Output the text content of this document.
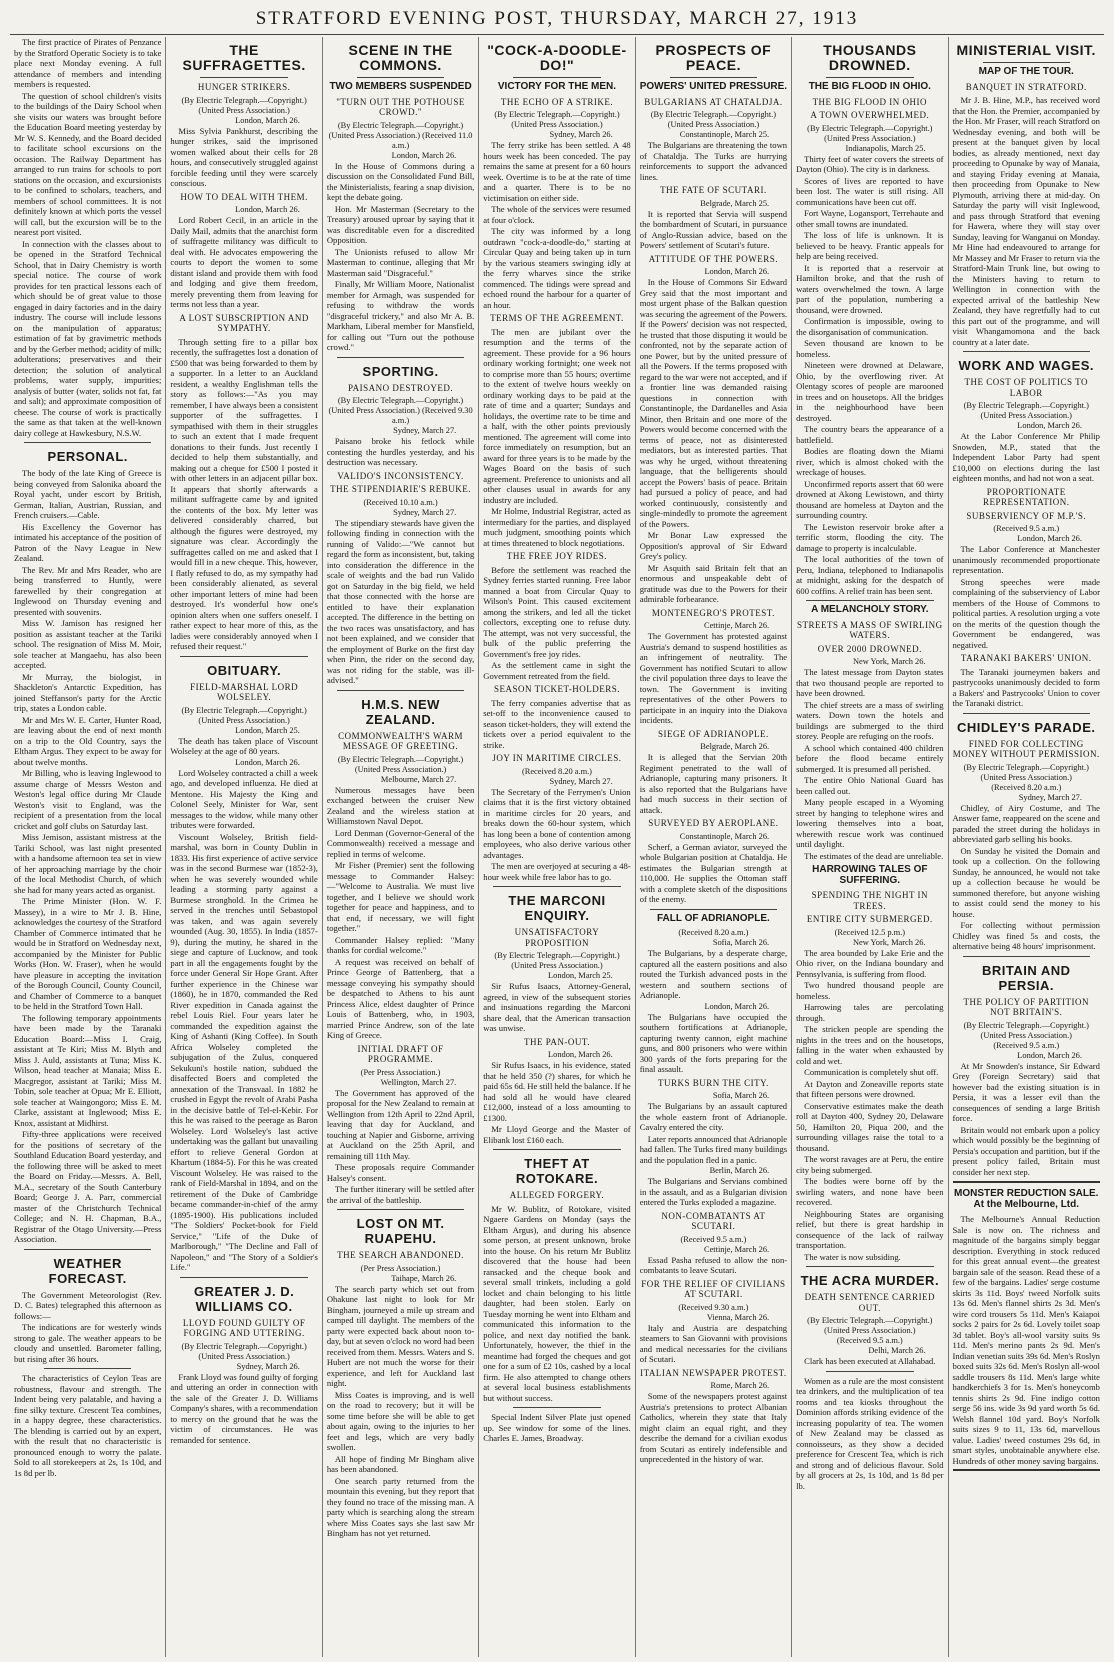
STRATFORD EVENING POST, THURSDAY, MARCH 27, 1913

The first practice of Pirates of Penzance by the Stratford Operatic Society is to take place next Monday evening. A full attendance of members and intending members is requested.

The question of school children's visits to the buildings of the Dairy School when she visits our waters was brought before the Education Board meeting yesterday by Mr W. S. Kennedy, and the Board decided to facilitate school excursions on the occasion. The Railway Department has arranged to run trains for schools to port stations on the occasion, and excursionists to be confined to scholars, teachers, and members of school committees. It is not definitely known at which ports the vessel will call, but the excursion will be to the nearest port visited.

In connection with the classes about to be opened in the Stratford Technical School, that in Dairy Chemistry is worth special notice. The course of work provides for ten practical lessons each of which should be of great value to those engaged in dairy factories and in the dairy industry. The course will include lessons on the manipulation of apparatus; estimation of fat by gravimetric methods and by the Gerber method; acidity of milk; adulterations; preservatives and their detection; the solution of analytical problems, water supply, impurities; analysis of butter (water, solids not fat, fat and salt); and approximate composition of cheese. The course of work is practically the same as that taken at the well-known dairy college at Hawkesbury, N.S.W.

PERSONAL.

The body of the late King of Greece is being conveyed from Salonika aboard the Royal yacht, under escort by British, German, Italian, Austrian, Russian, and French cruisers.—Cable.

His Excellency the Governor has intimated his acceptance of the position of Patron of the Navy League in New Zealand.

The Rev. Mr and Mrs Reader, who are being transferred to Huntly, were farewelled by their congregation at Inglewood on Thursday evening and presented with souvenirs.

Miss W. Jamison has resigned her position as assistant teacher at the Tariki school. The resignation of Miss M. Moir, sole teacher at Mangaehu, has also been accepted.

Mr Murray, the biologist, in Shackleton's Antarctic Expedition, has joined Steffanson's party for the Arctic trip, states a London cable.

Mr and Mrs W. E. Carter, Hunter Road, are leaving about the end of next month on a trip to the Old Country, says the Eltham Argus. They expect to be away for about twelve months.

Mr Billing, who is leaving Inglewood to assume charge of Messrs Weston and Weston's legal office during Mr Claude Weston's visit to England, was the recipient of a presentation from the local cricket and golf clubs on Saturday last.

Miss Jemison, assistant mistress at the Tariki School, was last night presented with a handsome afternoon tea set in view of her approaching marriage by the choir of the local Methodist Church, of which she had for many years acted as organist.

The Prime Minister (Hon. W. F. Massey), in a wire to Mr J. B. Hine, acknowledges the courtesy of the Stratford Chamber of Commerce intimated that he would be in Stratford on Wednesday next, accompanied by the Minister for Public Works (Hon. W. Fraser), when he would have pleasure in accepting the invitation of the Borough Council, County Council, and Chamber of Commerce to a banquet to be held in the Stratford Town Hall.

The following temporary appointments have been made by the Taranaki Education Board:—Miss I. Craig, assistant at Te Kiri; Miss M. Blyth and Miss J. Auld, assistants at Tuna; Miss K. Wilson, head teacher at Manaia; Miss E. Macgregor, assistant at Tariki; Miss M. Tobin, sole teacher at Opua; Mr E. Elliott, sole teacher at Waingongoro; Miss E. M. Clarke, assistant at Inglewood; Miss E. Knox, assistant at Midhirst.

Fifty-three applications were received for the positions of secretary of the Southland Education Board yesterday, and the following three will be asked to meet the Board on Friday.—Messrs. A. Bell, M.A., secretary of the South Canterbury Board; George J. A. Parr, commercial master of the Christchurch Technical College; and N. H. Chapman, B.A., Registrar of the Otago University.—Press Association.

WEATHER FORECAST.

The Government Meteorologist (Rev. D. C. Bates) telegraphed this afternoon as follows:—

The indications are for westerly winds strong to gale. The weather appears to be cloudy and unsettled. Barometer falling, but rising after 36 hours.

The characteristics of Ceylon Teas are robustness, flavour and strength. The Indent being very palatable, and having a fine silky texture. Crescent Tea combines, in a happy degree, these characteristics. The blending is carried out by an expert, with the result that no characteristic is pronounced enough to worry the palate. Sold to all storekeepers at 2s, 1s 10d, and 1s 8d per lb.

THE SUFFRAGETTES.
HUNGER STRIKERS.
(By Electric Telegraph.—Copyright.) (United Press Association.)
London, March 26.

Miss Sylvia Pankhurst, describing the hunger strikes, said the imprisoned women walked about their cells for 28 hours, and consecutively struggled against forcible feeding until they were scarcely conscious.

HOW TO DEAL WITH THEM.
London, March 26.

Lord Robert Cecil, in an article in the Daily Mail, admits that the anarchist form of suffragette militancy was difficult to deal with. He advocates empowering the courts to deport the women to some distant island and provide them with food and lodging and give them freedom, merely preventing them from leaving for terms not less than a year.

A LOST SUBSCRIPTION AND SYMPATHY.

Through setting fire to a pillar box recently, the suffragettes lost a donation of £500 that was being forwarded to them by a supporter. In a letter to an Auckland resident, a wealthy Englishman tells the story as follows:—"As you may remember, I have always been a consistent supporter of the suffragettes. I sympathised with them in their struggles to such an extent that I made frequent donations to their funds. Just recently I decided to help them substantially, and making out a cheque for £500 I posted it with other letters in an adjacent pillar box. It appears that shortly afterwards a militant suffragette came by and ignited the contents of the box. My letter was delivered considerably charred, but although the figures were destroyed, my signature was clear. Accordingly the suffragettes called on me and asked that I would fill in a new cheque. This, however, I flatly refused to do, as my sympathy had been considerably alienated, as several other important letters of mine had been destroyed. It's wonderful how one's opinion alters when one suffers oneself. I rather expect to hear more of this, as the ladies were considerably annoyed when I refused their request."

OBITUARY.
FIELD-MARSHAL LORD WOLSELEY.
(By Electric Telegraph.—Copyright.) (United Press Association.)
London, March 25.

The death has taken place of Viscount Wolseley at the age of 80 years.

London, March 26.

Lord Wolseley contracted a chill a week ago, and developed influenza. He died at Mentone. His Majesty the King and Colonel Seely, Minister for War, sent messages to the widow, while many other tributes were forwarded.

Viscount Wolseley, British field-marshal, was born in County Dublin in 1833. His first experience of active service was in the second Burmese war (1852-3), when he was severely wounded while leading a storming party against a Burmese stronghold. In the Crimea he served in the trenches until Sebastopol was taken, and was again severely wounded (Aug. 30, 1855). In India (1857-9), during the mutiny, he shared in the siege and capture of Lucknow, and took part in all the engagements fought by the force under General Sir Hope Grant. After further experience in the Chinese war (1860), he in 1870, commanded the Red River expedition in Canada against the rebel Louis Riel. Four years later he commanded the expedition against the King of Ashanti (King Coffee). In South Africa Wolseley completed the subjugation of the Zulus, conquered Sekukuni's hostile nation, subdued the disaffected Boers and completed the annexation of the Transvaal. In 1882 he crushed in Egypt the revolt of Arabi Pasha in the decisive battle of Tel-el-Kebir. For this he was raised to the peerage as Baron Wolseley. Lord Wolseley's last active undertaking was the gallant but unavailing effort to relieve General Gordon at Khartum (1884-5). For this he was created Viscount Wolseley. He was raised to the rank of Field-Marshal in 1894, and on the retirement of the Duke of Cambridge became commander-in-chief of the army (1895-1900). His publications included "The Soldiers' Pocket-book for Field Service," "Life of the Duke of Marlborough," "The Decline and Fall of Napoleon," and "The Story of a Soldier's Life."

GREATER J. D. WILLIAMS CO.
LLOYD FOUND GUILTY OF FORGING AND UTTERING.
(By Electric Telegraph.—Copyright.) (United Press Association.)
Sydney, March 26.

Frank Lloyd was found guilty of forging and uttering an order in connection with the sale of the Greater J. D. Williams Company's shares, with a recommendation to mercy on the ground that he was the victim of circumstances. He was remanded for sentence.

SCENE IN THE COMMONS.
TWO MEMBERS SUSPENDED
"TURN OUT THE POTHOUSE CROWD."
(By Electric Telegraph.—Copyright.) (United Press Association.) (Received 11.0 a.m.)
London, March 26.

In the House of Commons during a discussion on the Consolidated Fund Bill, the Ministerialists, fearing a snap division, kept the debate going.

Hon. Mr Masterman (Secretary to the Treasury) aroused uproar by saying that it was discreditable even for a discredited Opposition.

The Unionists refused to allow Mr Masterman to continue, alleging that Mr Masterman said "Disgraceful."

Finally, Mr William Moore, Nationalist member for Armagh, was suspended for refusing to withdraw the words "disgraceful trickery," and also Mr A. B. Markham, Liberal member for Mansfield, for calling out "Turn out the pothouse crowd."

SPORTING.
PAISANO DESTROYED.
(By Electric Telegraph.—Copyright.) (United Press Association.) (Received 9.30 a.m.)
Sydney, March 27.

Paisano broke his fetlock while contesting the hurdles yesterday, and his destruction was necessary.

VALIDO'S INCONSISTENCY.
THE STIPENDIARIE'S REBUKE.
(Received 10.10 a.m.)
Sydney, March 27.

The stipendiary stewards have given the following finding in connection with the running of Valido:—"We cannot but regard the form as inconsistent, but, taking into consideration the difference in the scale of weights and the bad run Valido got on Saturday in the big field, we held that those connected with the horse are entitled to have their explanation accepted. The difference in the betting on the two races was unsatisfactory, and has not been explained, and we consider that the employment of Burke on the first day when Pinn, the rider on the second day, was not riding for the stable, was ill-advised."

H.M.S. NEW ZEALAND.
COMMONWEALTH'S WARM MESSAGE OF GREETING.
(By Electric Telegraph.—Copyright.) (United Press Association.)
Melbourne, March 27.

Numerous messages have been exchanged between the cruiser New Zealand and the wireless station at Williamstown Naval Depot.

Lord Denman (Governor-General of the Commonwealth) received a message and replied in terms of welcome.

Mr Fisher (Premier) sent the following message to Commander Halsey:—"Welcome to Australia. We must live together, and I believe we should work together for peace and happiness, and to that end, if necessary, we will fight together."

Commander Halsey replied: "Many thanks for cordial welcome."

A request was received on behalf of Prince George of Battenberg, that a message conveying his sympathy should be despatched to Athens to his aunt Princess Alice, eldest daughter of Prince Louis of Battenberg, who, in 1903, married Prince Andrew, son of the late King of Greece.

INITIAL DRAFT OF PROGRAMME.
(Per Press Association.)
Wellington, March 27.

The Government has approved of the proposal for the New Zealand to remain at Wellington from 12th April to 22nd April, leaving that day for Auckland, and touching at Napier and Gisborne, arriving at Auckland on the 25th April, and remaining till 11th May.

These proposals require Commander Halsey's consent.

The further itinerary will be settled after the arrival of the battleship.

LOST ON MT. RUAPEHU.
THE SEARCH ABANDONED.
(Per Press Association.)
Taihape, March 26.

The search party which set out from Ohakune last night to look for Mr Bingham, journeyed a mile up stream and camped till daylight. The members of the party were expected back about noon to-day, but at seven o'clock no word had been received from them. Messrs. Waters and S. Hubert are not much the worse for their experience, and left for Auckland last night.

Miss Coates is improving, and is well on the road to recovery; but it will be some time before she will be able to get about again, owing to the injuries to her feet and legs, which are very badly swollen.

All hope of finding Mr Bingham alive has been abandoned.

One search party returned from the mountain this evening, but they report that they found no trace of the missing man. A party which is searching along the stream where Miss Coates says she last saw Mr Bingham has not yet returned.

"COCK-A-DOODLE-DO!"
VICTORY FOR THE MEN.
THE ECHO OF A STRIKE.
(By Electric Telegraph.—Copyright.) (United Press Association.)
Sydney, March 26.

The ferry strike has been settled. A 48 hours week has been conceded. The pay remains the same at present for a 60 hours week. Overtime is to be at the rate of time and a quarter. There is to be no victimisation on either side.

The whole of the services were resumed at four o'clock.

The city was informed by a long outdrawn "cock-a-doodle-do," starting at Circular Quay and being taken up in turn by the various steamers swinging idly at the ferry wharves since the strike commenced. The tidings were spread and echoed round the harbour for a quarter of an hour.

TERMS OF THE AGREEMENT.

The men are jubilant over the resumption and the terms of the agreement. These provide for a 96 hours ordinary working fortnight; one week not to comprise more than 55 hours; overtime to the extent of twelve hours weekly on ordinary working days to be paid at the rate of time and a quarter; Sundays and holidays, the overtime rate to be time and a half, with the other points previously mentioned. The agreement will come into force immediately on resumption, but an award for three years is to be made by the Wages Board on the basis of such agreement. Preference to unionists and all other clauses usual in awards for any industry are included.

Mr Holme, Industrial Registrar, acted as intermediary for the parties, and displayed much judgment, smoothing points which at times threatened to block negotiations.

THE FREE JOY RIDES.

Before the settlement was reached the Sydney ferries started running. Free labor manned a boat from Circular Quay to Wilson's Point. This caused excitement among the strikers, and led all the ticket collectors, excepting one to refuse duty. The attempt, was not very successful, the bulk of the public preferring the Government's free joy rides.

As the settlement came in sight the Government retreated from the field.

SEASON TICKET-HOLDERS.

The ferry companies advertise that as set-off to the inconvenience caused to season ticket-holders, they will extend the tickets over a period equivalent to the strike.

JOY IN MARITIME CIRCLES.
(Received 8.20 a.m.)
Sydney, March 27.

The Secretary of the Ferrymen's Union claims that it is the first victory obtained in maritime circles for 20 years, and breaks down the 60-hour system, which has long been a bone of contention among employees, who also derive various other advantages.

The men are overjoyed at securing a 48-hour week while free labor has to go.

THE MARCONI ENQUIRY.
UNSATISFACTORY PROPOSITION
(By Electric Telegraph.—Copyright.) (United Press Association.)
London, March 25.

Sir Rufus Isaacs, Attorney-General, agreed, in view of the subsequent stories and insinuations regarding the Marconi share deal, that the American transaction was unwise.

THE PAN-OUT.
London, March 26.

Sir Rufus Isaacs, in his evidence, stated that he held 350 (?) shares, for which he paid 65s 6d. He still held the balance. If he had sold all he would have cleared £12,000, instead of a loss amounting to £1300.

Mr Lloyd George and the Master of Elibank lost £160 each.

THEFT AT ROTOKARE.
ALLEGED FORGERY.

Mr W. Bublitz, of Rotokare, visited Ngaere Gardens on Monday (says the Eltham Argus), and during his absence some person, at present unknown, broke into the house. On his return Mr Bublitz discovered that the house had been ransacked and the cheque book and several small trinkets, including a gold locket and chain belonging to his little daughter, had been stolen. Early on Tuesday morning he went into Eltham and communicated this information to the police, and next day notified the bank. Unfortunately, however, the thief in the meantime had forged the cheques and got one for a sum of £2 10s, cashed by a local firm. He also attempted to change others at several local business establishments but without success.

Special Indent Silver Plate just opened up. See window for some of the lines. Charles E. James, Broadway.

PROSPECTS OF PEACE.
POWERS' UNITED PRESSURE.
BULGARIANS AT CHATALDJA.
(By Electric Telegraph.—Copyright.) (United Press Association.)
Constantinople, March 25.

The Bulgarians are threatening the town of Chataldja. The Turks are hurrying reinforcements to support the advanced lines.

THE FATE OF SCUTARI.
Belgrade, March 25.

It is reported that Servia will suspend the bombardment of Scutari, in pursuance of Anglo-Russian advice, based on the Powers' settlement of Scutari's future.

ATTITUDE OF THE POWERS.
London, March 26.

In the House of Commons Sir Edward Grey said that the most important and most urgent phase of the Balkan question was securing the agreement of the Powers. If the Powers' decision was not respected, he trusted that those disputing it would be confronted, not by the separate action of one Power, but by the united pressure of all the Powers. If the terms proposed with regard to the war were not accepted, and if a frontier line was demanded raising questions in connection with Constantinople, the Dardanelles and Asia Minor, then Britain and one more of the Powers would become concerned with the terms of peace, not as disinterested mediators, but as interested parties. That was why he urged, without threatening language, that the belligerents should accept the Powers' basis of peace. Britain had pursued a policy of peace, and had worked continuously, consistently and single-mindedly to promote the agreement of the Powers.

Mr Bonar Law expressed the Opposition's approval of Sir Edward Grey's policy.

Mr Asquith said Britain felt that an enormous and unspeakable debt of gratitude was due to the Powers for their admirable forbearance.

MONTENEGRO'S PROTEST.
Cettinje, March 26.

The Government has protested against Austria's demand to suspend hostilities as an infringement of neutrality. The Government has notified Scutari to allow the civil population three days to leave the town. The Government is inviting representatives of the other Powers to participate in an inquiry into the Diakova incidents.

SIEGE OF ADRIANOPLE.
Belgrade, March 26.

It is alleged that the Servian 20th Regiment penetrated to the wall of Adrianople, capturing many prisoners. It is also reported that the Bulgarians have had much success in their section of attack.

SURVEYED BY AEROPLANE.
Constantinople, March 26.

Scherf, a German aviator, surveyed the whole Bulgarian position at Chataldja. He estimates the Bulgarian strength at 110,000. He supplies the Ottoman staff with a complete sketch of the dispositions of the enemy.

FALL OF ADRIANOPLE.
(Received 8.20 a.m.)
Sofia, March 26.

The Bulgarians, by a desperate charge, captured all the eastern positions and also routed the Turkish advanced posts in the western and southern sections of Adrianople.

London, March 26.

The Bulgarians have occupied the southern fortifications at Adrianople, capturing twenty cannon, eight machine guns, and 800 prisoners who were within 300 yards of the forts preparing for the final assault.

TURKS BURN THE CITY.
Sofia, March 26.

The Bulgarians by an assault captured the whole eastern front of Adrianople. Cavalry entered the city.

Later reports announced that Adrianople had fallen. The Turks fired many buildings and the population fled in a panic.

Berlin, March 26.

The Bulgarians and Servians combined in the assault, and as a Bulgarian division entered the Turks exploded a magazine.

NON-COMBATANTS AT SCUTARI.
(Received 9.5 a.m.)
Cettinje, March 26.

Essad Pasha refused to allow the non-combatants to leave Scutari.

FOR THE RELIEF OF CIVILIANS AT SCUTARI.
(Received 9.30 a.m.)
Vienna, March 26.

Italy and Austria are despatching steamers to San Giovanni with provisions and medical necessaries for the civilians of Scutari.

ITALIAN NEWSPAPER PROTEST.
Rome, March 26.

Some of the newspapers protest against Austria's pretensions to protect Albanian Catholics, wherein they state that Italy might claim an equal right, and they describe the demand for a civilian exodus from Scutari as entirely indefensible and unprecedented in the history of war.

THOUSANDS DROWNED.
THE BIG FLOOD IN OHIO.
THE BIG FLOOD IN OHIO
A TOWN OVERWHELMED.
(By Electric Telegraph.—Copyright.) (United Press Association.)
Indianapolis, March 25.

Thirty feet of water covers the streets of Dayton (Ohio). The city is in darkness.

Scores of lives are reported to have been lost. The water is still rising. All communications have been cut off.

Fort Wayne, Logansport, Terrehaute and other small towns are inundated.

The loss of life is unknown. It is believed to be heavy. Frantic appeals for help are being received.

It is reported that a reservoir at Hamilton broke, and that the rush of waters overwhelmed the town. A large part of the population, numbering a thousand, were drowned.

Confirmation is impossible, owing to the disorganisation of communication.

Seven thousand are known to be homeless.

Nineteen were drowned at Delaware, Ohio, by the overflowing river. At Olentagy scores of people are marooned in trees and on housetops. All the bridges in the neighbourhood have been destroyed.

The country bears the appearance of a battlefield.

Bodies are floating down the Miami river, which is almost choked with the wreckage of houses.

Unconfirmed reports assert that 60 were drowned at Akong Lewistown, and thirty thousand are homeless at Dayton and the surrounding country.

The Lewiston reservoir broke after a terrific storm, flooding the city. The damage to property is incalculable.

The local authorities of the town of Peru, Indiana, telephoned to Indianapolis at midnight, asking for the despatch of 600 coffins. A relief train has been sent.

A MELANCHOLY STORY.
STREETS A MASS OF SWIRLING WATERS.
OVER 2000 DROWNED.
New York, March 26.

The latest message from Dayton states that two thousand people are reported to have been drowned.

The chief streets are a mass of swirling waters. Down town the hotels and buildings are submerged to the third storey. People are refuging on the roofs.

A school which contained 400 children before the flood became entirely submerged. It is presumed all perished.

The entire Ohio National Guard has been called out.

Many people escaped in a Wyoming street by hanging to telephone wires and lowering themselves into a boat, wherewith rescue work was continued until daylight.

The estimates of the dead are unreliable.

HARROWING TALES OF SUFFERING.
SPENDING THE NIGHT IN TREES.
ENTIRE CITY SUBMERGED.
(Received 12.5 p.m.)
New York, March 26.

The area bounded by Lake Erie and the Ohio river, on the Indiana boundary and Pennsylvania, is suffering from flood.

Two hundred thousand people are homeless.

Harrowing tales are percolating through.

The stricken people are spending the nights in the trees and on the housetops, falling in the water when exhausted by cold and wet.

Communication is completely shut off.

At Dayton and Zoneaville reports state that fifteen persons were drowned.

Conservative estimates make the death roll at Dayton 400, Sydney 20, Delaware 50, Hamilton 20, Piqua 200, and the surrounding villages raise the total to a thousand.

The worst ravages are at Peru, the entire city being submerged.

The bodies were borne off by the swirling waters, and none have been recovered.

Neighbouring States are organising relief, but there is great hardship in consequence of the lack of railway transportation.

The water is now subsiding.

THE ACRA MURDER.
DEATH SENTENCE CARRIED OUT.
(By Electric Telegraph.—Copyright.) (United Press Association.)
(Received 9.5 a.m.)
Delhi, March 26.

Clark has been executed at Allahabad.

Women as a rule are the most consistent tea drinkers, and the multiplication of tea rooms and tea kiosks throughout the Dominion affords striking evidence of the increasing popularity of tea. The women of New Zealand may be classed as connoisseurs, as they show a decided preference for Crescent Tea, which is rich and strong and of delicious flavour. Sold by all grocers at 2s, 1s 10d, and 1s 8d per lb.

MINISTERIAL VISIT.
MAP OF THE TOUR.
BANQUET IN STRATFORD.

Mr J. B. Hine, M.P., has received word that the Hon. the Premier, accompanied by the Hon. Mr Fraser, will reach Stratford on Wednesday evening, and both will be present at the banquet given by local bodies, as already mentioned, next day proceeding to Opunake by way of Manaia, and staying Friday evening at Manaia, then proceeding from Opunake to New Plymouth, arriving there at mid-day. On Saturday the party will visit Inglewood, and pass through Stratford that evening for Hawera, where they will stay over Sunday, leaving for Wanganui on Monday. Mr Hine had endeavoured to arrange for Mr Massey and Mr Fraser to return via the Stratford-Main Trunk line, but owing to the Ministers having to return to Wellington in connection with the expected arrival of the battleship New Zealand, they have regretfully had to cut this part out of the programme, and will visit Whangamomona and the back country at a later date.

WORK AND WAGES.
THE COST OF POLITICS TO LABOR
(By Electric Telegraph.—Copyright.) (United Press Association.)
London, March 26.

At the Labor Conference Mr Philip Snowden, M.P., stated that the Independent Labor Party had spent £10,000 on elections during the last eighteen months, and had not won a seat.

PROPORTIONATE REPRESENTATION.
SUBSERVIENCY OF M.P.'S.
(Received 9.5 a.m.)
London, March 26.

The Labor Conference at Manchester unanimously recommended proportionate representation.

Strong speeches were made complaining of the subserviency of Labor members of the House of Commons to political parties. A resolution urging a vote on the merits of the question though the Government be endangered, was negatived.

TARANAKI BAKERS' UNION.

The Taranaki journeymen bakers and pastrycooks unanimously decided to form a Bakers' and Pastrycooks' Union to cover the Taranaki district.

CHIDLEY'S PARADE.
FINED FOR COLLECTING MONEY WITHOUT PERMISSION.
(By Electric Telegraph.—Copyright.) (United Press Association.)
(Received 8.20 a.m.)
Sydney, March 27.

Chidley, of Airy Costume, and The Answer fame, reappeared on the scene and paraded the street during the holidays in abbreviated garb selling his books.

On Sunday he visited the Domain and took up a collection. On the following Sunday, he announced, he would not take up a collection because he would be summoned therefore, but anyone wishing to assist could send the money to his house.

For collecting without permission Chidley was fined 5s and costs, the alternative being 48 hours' imprisonment.

BRITAIN AND PERSIA.
THE POLICY OF PARTITION NOT BRITAIN'S.
(By Electric Telegraph.—Copyright.) (United Press Association.)
(Received 9.5 a.m.)
London, March 26.

At Mr Snowden's instance, Sir Edward Grey (Foreign Secretary) said that however bad the existing situation is in Persia, it was a lesser evil than the consequences of sending a large British force.

Britain would not embark upon a policy which would possibly be the beginning of Persia's occupation and partition, but if the present policy failed, Britain must consider her next step.

MONSTER REDUCTION SALE. At the Melbourne, Ltd.

The Melbourne's Annual Reduction Sale is now on. The richness and magnitude of the bargains simply beggar description. Everything in stock reduced for this great annual event—the greatest bargain sale of the season. Read these of a few of the bargains. Ladies' serge costume skirts 3s 11d. Boys' tweed Norfolk suits 13s 6d. Men's flannel shirts 2s 3d. Men's wire cord trousers 5s 11d. Men's Kaiapoi socks 2 pairs for 2s 6d. Lovely toilet soap 3d tablet. Boy's all-wool varsity suits 9s 11d. Men's merino pants 2s 9d. Men's Indian venetian suits 39s 6d. Men's Roslyn boxed suits 32s 6d. Men's Roslyn all-wool saddle trousers 8s 11d. Men's large white handkerchiefs 3 for 1s. Men's honeycomb tennis shirts 2s 9d. Fine indigo cotton serge 56 ins. wide 3s 9d yard worth 5s 6d. Welsh flannel 10d yard. Boy's Norfolk suits sizes 9 to 11, 13s 6d, marvellous value. Ladies' tweed costumes 29s 6d, in smart styles, unobtainable anywhere else. Hundreds of other money saving bargains.
